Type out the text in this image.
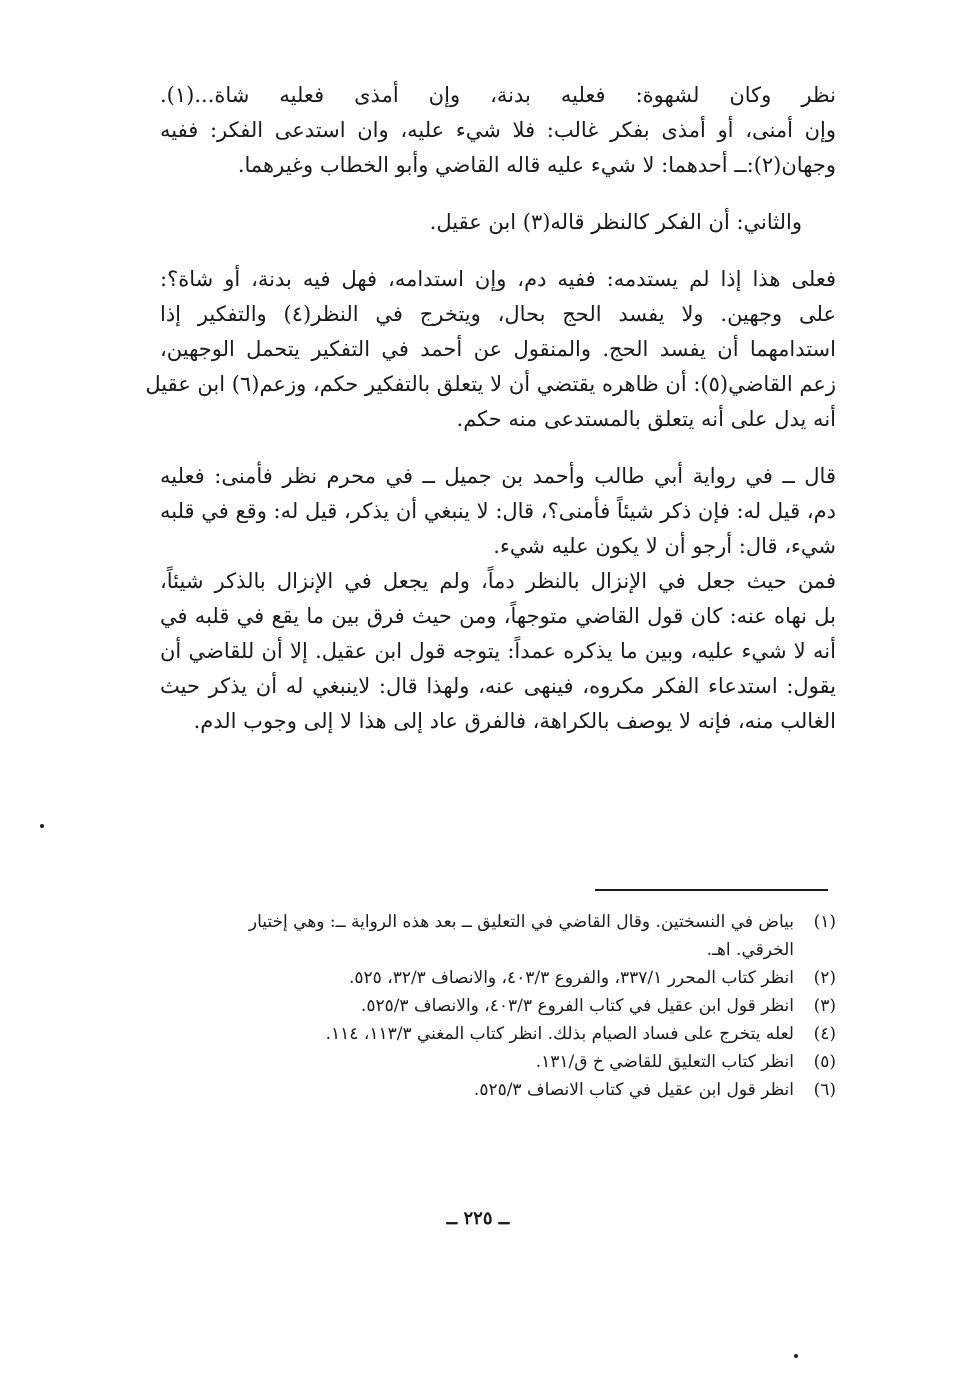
نظر وكان لشهوة: فعليه بدنة، وإن أمذى فعليه شاة...(١).
وإن أمنى، أو أمذى بفكر غالب: فلا شيء عليه، وان استدعى الفكر: ففيه
وجهان(٢):ــ أحدهما: لا شيء عليه قاله القاضي وأبو الخطاب وغيرهما.
والثاني: أن الفكر كالنظر قاله(٣) ابن عقيل.
فعلى هذا إذا لم يستدمه: ففيه دم، وإن استدامه، فهل فيه بدنة، أو شاة؟:
على وجهين. ولا يفسد الحج بحال، ويتخرج في النظر(٤) والتفكير إذا
استدامهما أن يفسد الحج. والمنقول عن أحمد في التفكير يتحمل الوجهين،
زعم القاضي(٥): أن ظاهره يقتضي أن لا يتعلق بالتفكير حكم، وزعم(٦) ابن عقيل
أنه يدل على أنه يتعلق بالمستدعى منه حكم.
قال ــ في رواية أبي طالب وأحمد بن جميل ــ في محرم نظر فأمنى: فعليه
دم، قيل له: فإن ذكر شيئاً فأمنى؟، قال: لا ينبغي أن يذكر، قيل له: وقع في قلبه
شيء، قال: أرجو أن لا يكون عليه شيء.
فمن حيث جعل في الإنزال بالنظر دماً، ولم يجعل في الإنزال بالذكر شيئاً،
بل نهاه عنه: كان قول القاضي متوجهاً، ومن حيث فرق بين ما يقع في قلبه في
أنه لا شيء عليه، وبين ما يذكره عمداً: يتوجه قول ابن عقيل. إلا أن للقاضي أن
يقول: استدعاء الفكر مكروه، فينهى عنه، ولهذا قال: لاينبغي له أن يذكر حيث
الغالب منه، فإنه لا يوصف بالكراهة، فالفرق عاد إلى هذا لا إلى وجوب الدم.
(١)
بياض في النسختين. وقال القاضي في التعليق ــ بعد هذه الرواية ــ: وهي إختيار
الخرقي. اهـ.
(٢)
انظر كتاب المحرر ٣٣٧/١، والفروع ٤٠٣/٣، والانصاف ٣٢/٣، ٥٢٥.
(٣)
انظر قول ابن عقيل في كتاب الفروع ٤٠٣/٣، والانصاف ٥٢٥/٣.
(٤)
لعله يتخرج على فساد الصيام بذلك. انظر كتاب المغني ١١٣/٣، ١١٤.
(٥)
انظر كتاب التعليق للقاضي خ ق/١٣١.
(٦)
انظر قول ابن عقيل في كتاب الانصاف ٥٢٥/٣.
ــ ٢٢٥ ــ
